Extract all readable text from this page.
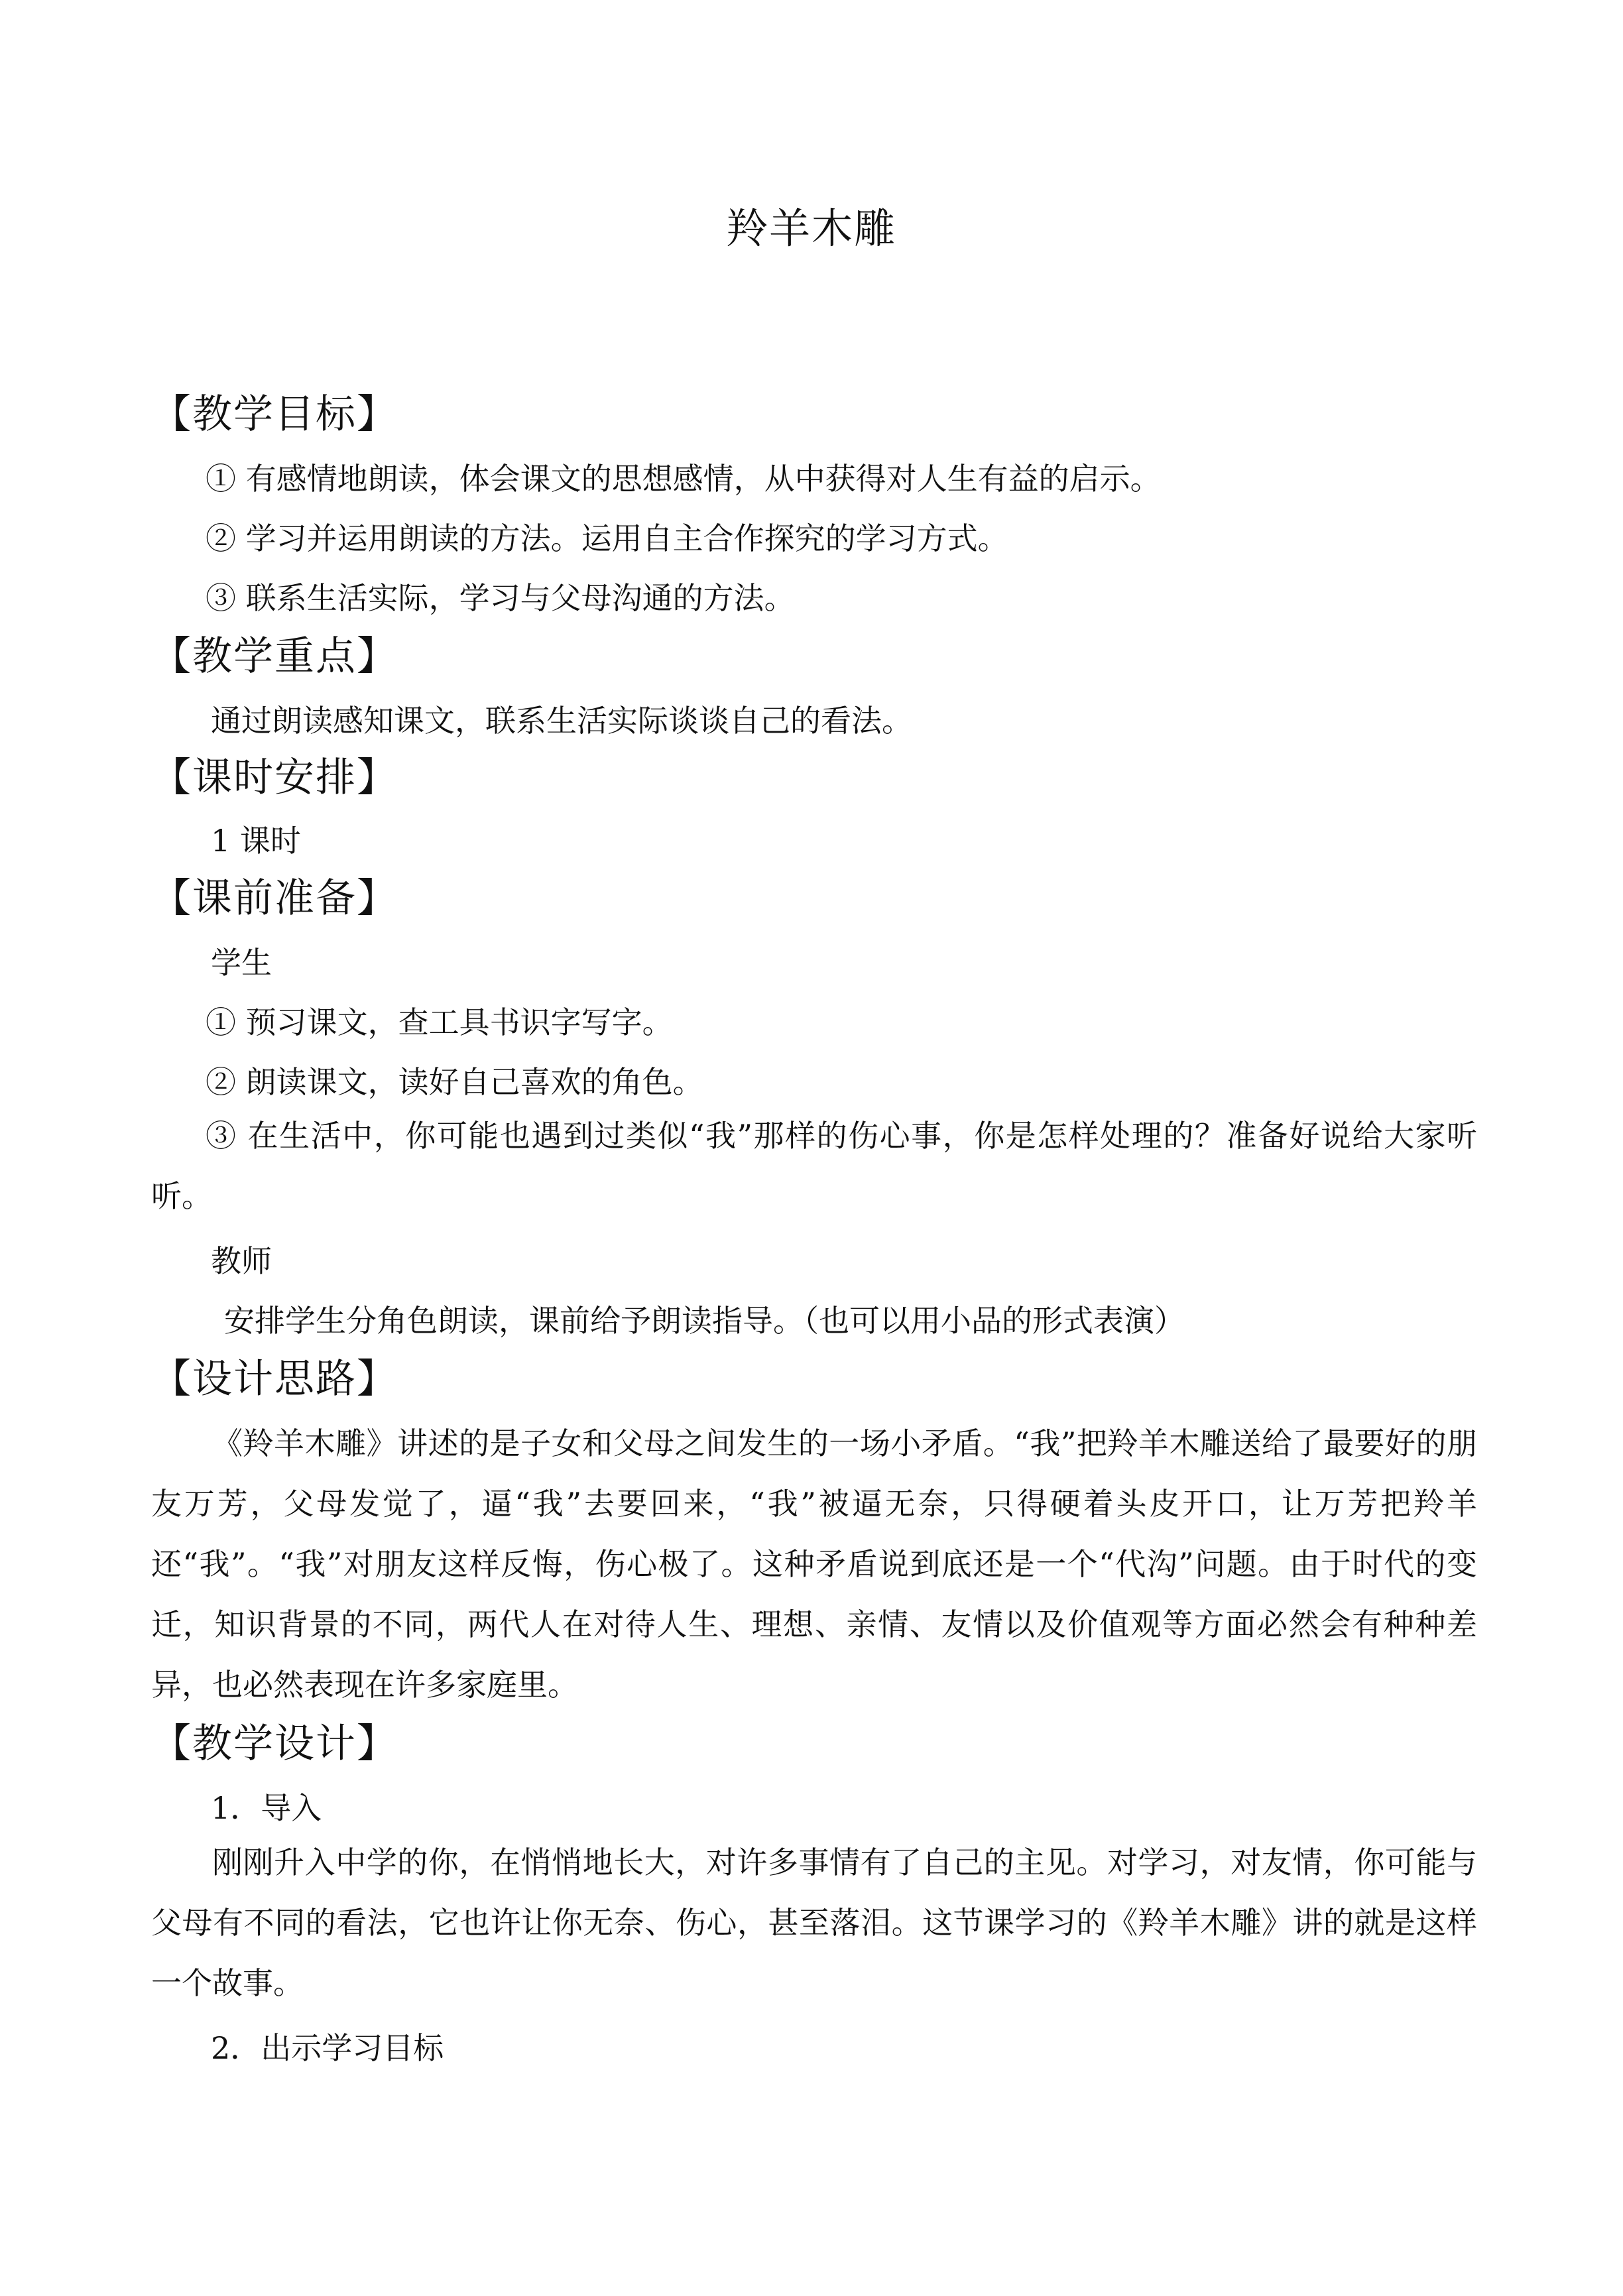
羚羊木雕
【教学目标】
① 有感情地朗读，体会课文的思想感情，从中获得对人生有益的启示。
② 学习并运用朗读的方法。运用自主合作探究的学习方式。
③ 联系生活实际，学习与父母沟通的方法。
【教学重点】
通过朗读感知课文，联系生活实际谈谈自己的看法。
【课时安排】
1 课时
【课前准备】
学生
① 预习课文，查工具书识字写字。
② 朗读课文，读好自己喜欢的角色。
③ 在生活中，你可能也遇到过类似“我”那样的伤心事，你是怎样处理的？准备好说给大家听听。
教师
安排学生分角色朗读，课前给予朗读指导。（也可以用小品的形式表演）
【设计思路】
《羚羊木雕》讲述的是子女和父母之间发生的一场小矛盾。“我”把羚羊木雕送给了最要好的朋友万芳，父母发觉了，逼“我”去要回来，“我”被逼无奈，只得硬着头皮开口，让万芳把羚羊还“我”。“我”对朋友这样反悔，伤心极了。这种矛盾说到底还是一个“代沟”问题。由于时代的变迁，知识背景的不同，两代人在对待人生、理想、亲情、友情以及价值观等方面必然会有种种差异，也必然表现在许多家庭里。
【教学设计】
1．导入
刚刚升入中学的你，在悄悄地长大，对许多事情有了自己的主见。对学习，对友情，你可能与父母有不同的看法，它也许让你无奈、伤心，甚至落泪。这节课学习的《羚羊木雕》讲的就是这样一个故事。
2．出示学习目标
